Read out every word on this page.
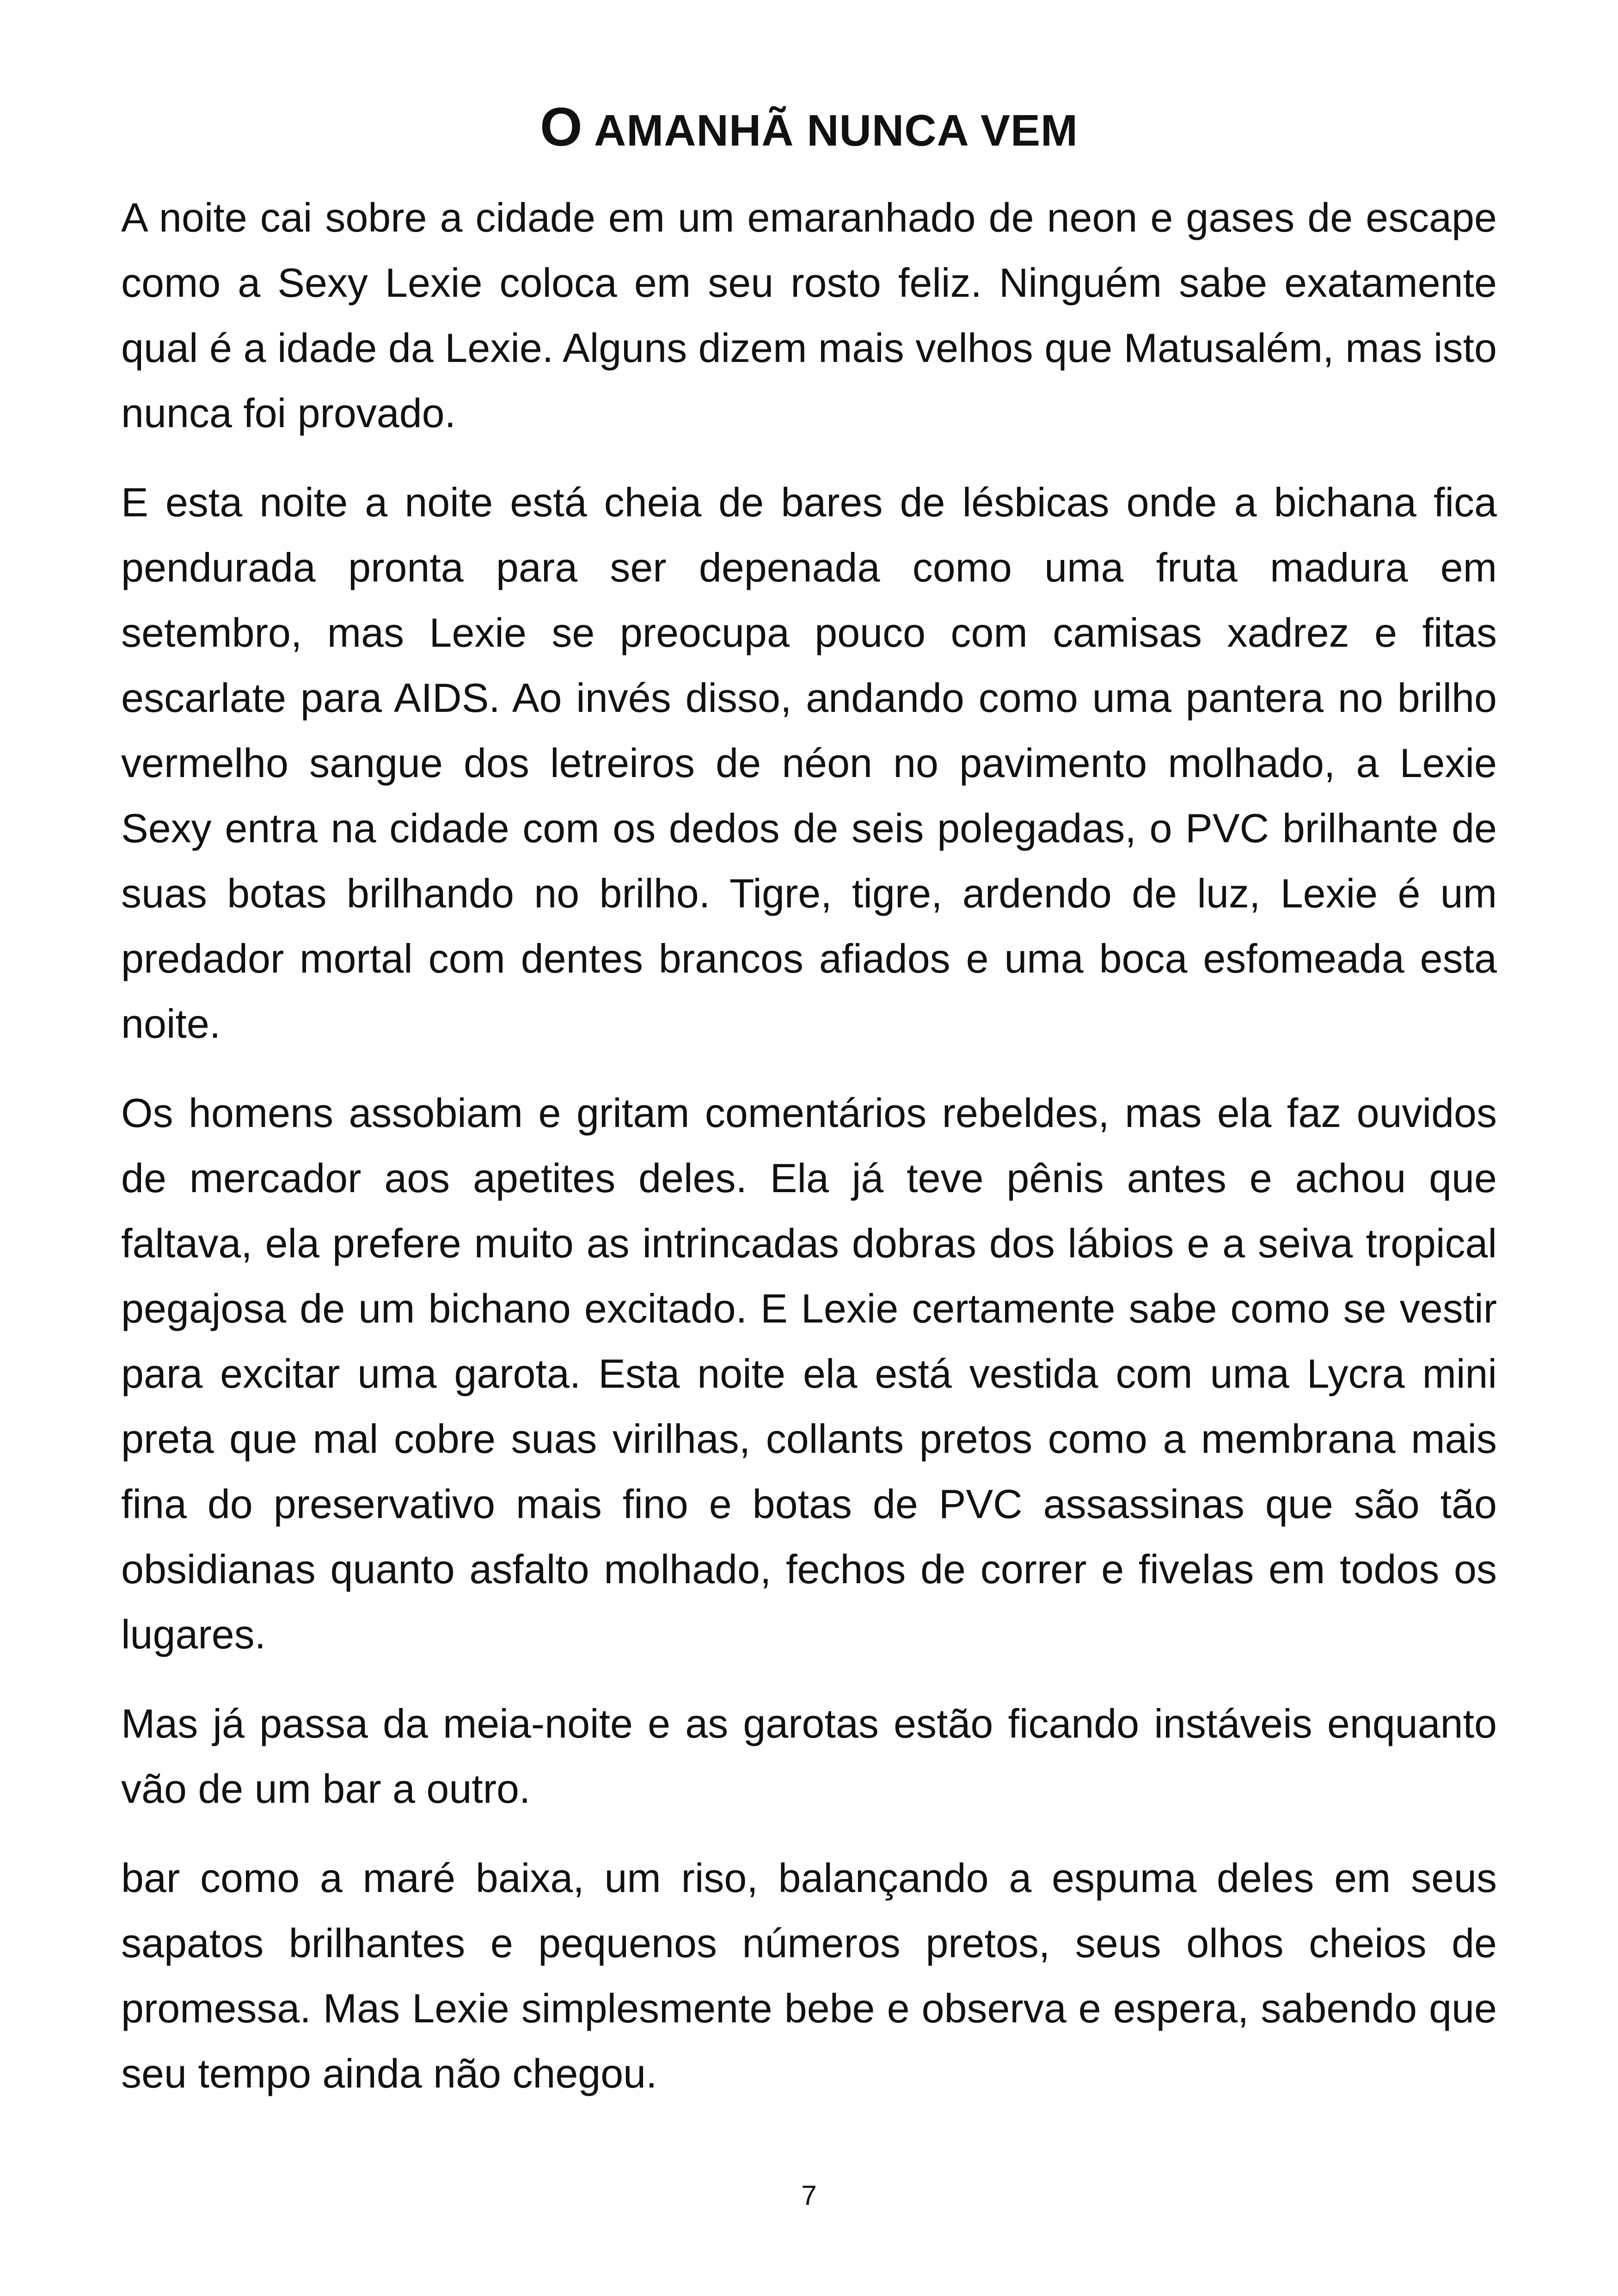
O AMANHÃ NUNCA VEM

A noite cai sobre a cidade em um emaranhado de neon e gases de escape como a Sexy Lexie coloca em seu rosto feliz. Ninguém sabe exatamente qual é a idade da Lexie. Alguns dizem mais velhos que Matusalém, mas isto nunca foi provado.

E esta noite a noite está cheia de bares de lésbicas onde a bichana fica pendurada pronta para ser depenada como uma fruta madura em setembro, mas Lexie se preocupa pouco com camisas xadrez e fitas escarlate para AIDS. Ao invés disso, andando como uma pantera no brilho vermelho sangue dos letreiros de néon no pavimento molhado, a Lexie Sexy entra na cidade com os dedos de seis polegadas, o PVC brilhante de suas botas brilhando no brilho. Tigre, tigre, ardendo de luz, Lexie é um predador mortal com dentes brancos afiados e uma boca esfomeada esta noite.

Os homens assobiam e gritam comentários rebeldes, mas ela faz ouvidos de mercador aos apetites deles. Ela já teve pênis antes e achou que faltava, ela prefere muito as intrincadas dobras dos lábios e a seiva tropical pegajosa de um bichano excitado. E Lexie certamente sabe como se vestir para excitar uma garota. Esta noite ela está vestida com uma Lycra mini preta que mal cobre suas virilhas, collants pretos como a membrana mais fina do preservativo mais fino e botas de PVC assassinas que são tão obsidianas quanto asfalto molhado, fechos de correr e fivelas em todos os lugares.

Mas já passa da meia-noite e as garotas estão ficando instáveis enquanto vão de um bar a outro.

bar como a maré baixa, um riso, balançando a espuma deles em seus sapatos brilhantes e pequenos números pretos, seus olhos cheios de promessa. Mas Lexie simplesmente bebe e observa e espera, sabendo que seu tempo ainda não chegou.

7
